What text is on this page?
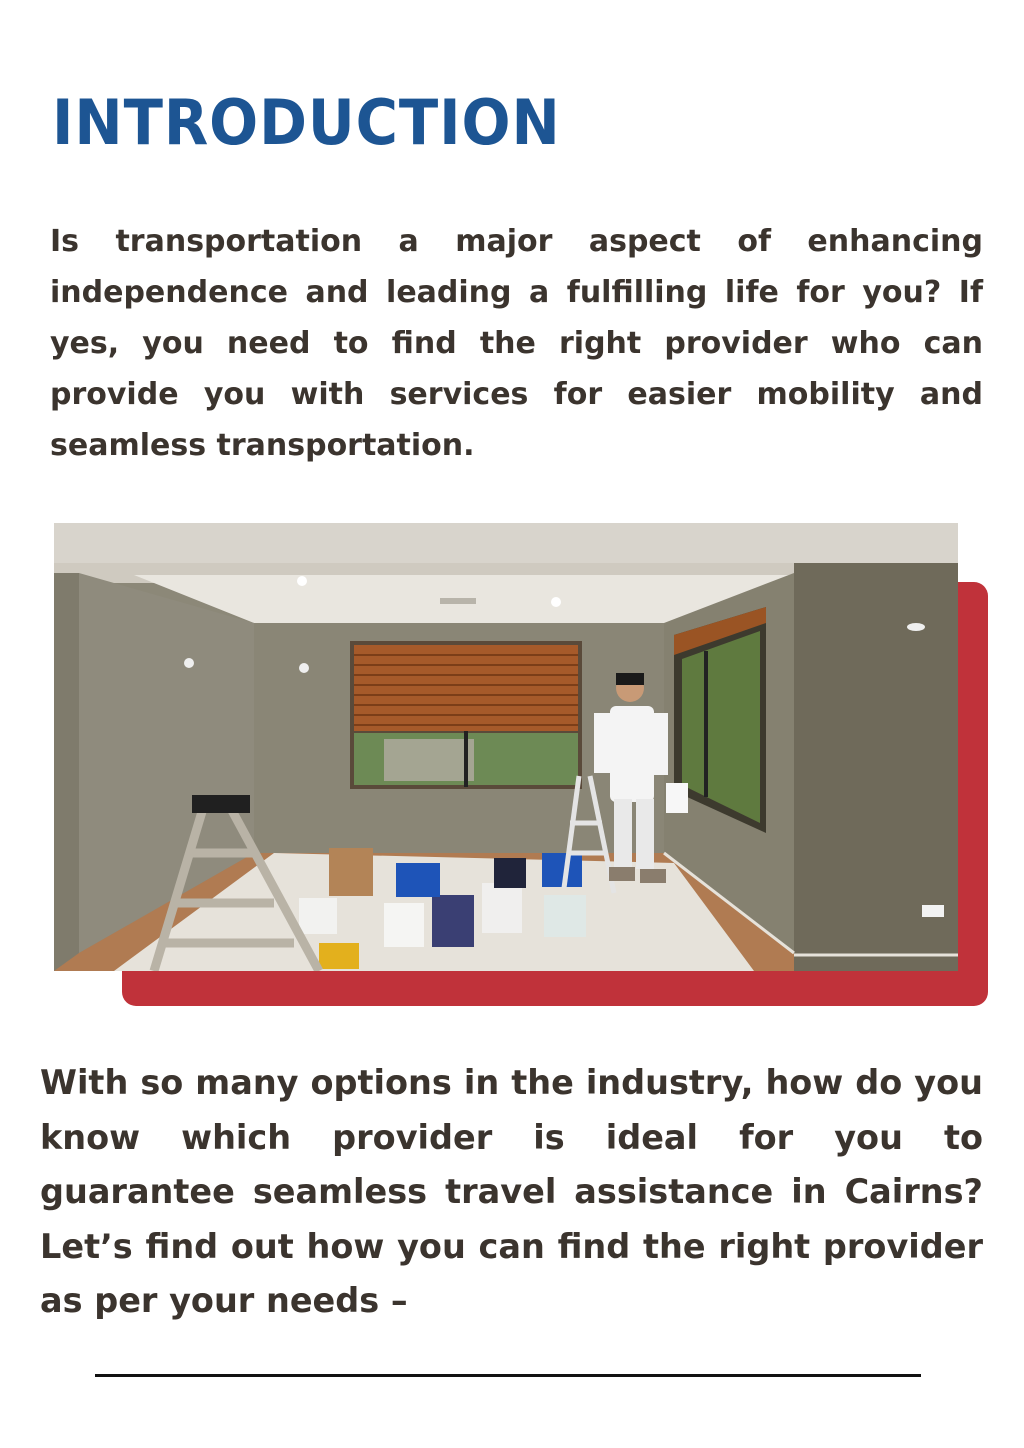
INTRODUCTION

Is transportation a major aspect of enhancing independence and leading a fulfilling life for you? If yes, you need to find the right provider who can provide you with services for easier mobility and seamless transportation.

With so many options in the industry, how do you know which provider is ideal for you to guarantee seamless travel assistance in Cairns? Let’s find out how you can find the right provider as per your needs –
